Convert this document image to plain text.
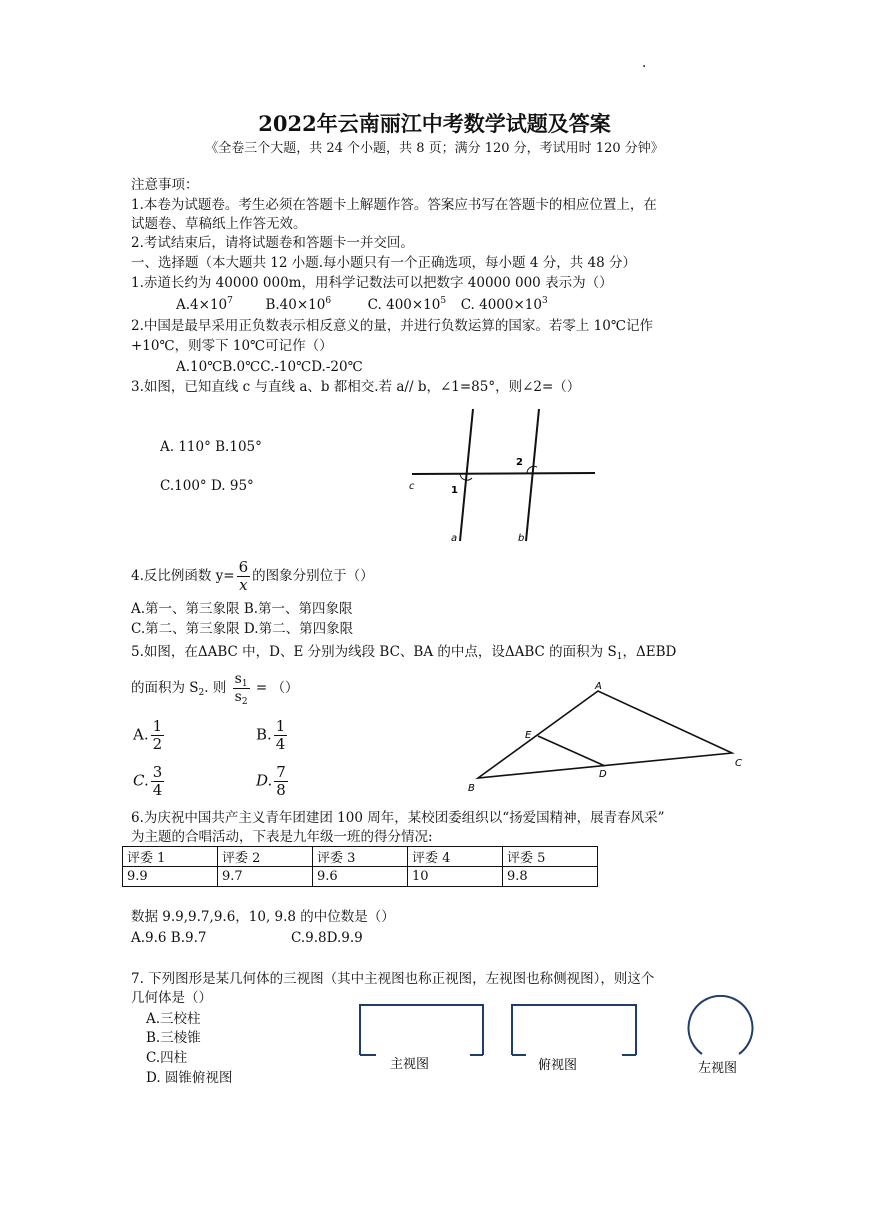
.
2022年云南丽江中考数学试题及答案
《全卷三个大题，共 24 个小题，共 8 页；满分 120 分，考试用时 120 分钟》
注意事项：
1.本卷为试题卷。考生必须在答题卡上解题作答。答案应书写在答题卡的相应位置上，在
试题卷、草稿纸上作答无效。
2.考试结束后，请将试题卷和答题卡一并交回。
一、选择题（本大题共 12 小题.每小题只有一个正确选项，每小题 4 分，共 48 分）
1.赤道长约为 40000 000m，用科学记数法可以把数字 40000 000 表示为（）
$A.4\times 10^7$ $B.40\times 10^6$	C. $400\times 10^5$ C. $4000\times 10^3$
2.中国是最早采用正负数表示相反意义的量，并进行负数运算的国家。若零上 10℃记作
+10℃，则零下 10℃可记作（）
A.10℃B.0℃C.-10℃D.-20℃
3.如图，已知直线 c 与直线 a、b 都相交.若 a// b，∠1=85°，则∠2=（）
A. 110° B.105°
C.100° D. 95°	c	1
2
a	b
4.反比例函数 $y= \frac{6}{x}$ 的图象分别位于（）
A.第一、第三象限 B.第一、第四象限
C.第二、第三象限 D.第二、第四象限
5.如图，在ΔABC 中，D、E 分别为线段 BC、BA 的中点，设ΔABC 的面积为 $S_1$，ΔEBD
的面积为 $S_2$. 则 $\frac{s_1}{s_2}$ = （）
A. $\frac{1}{2}$	B. $\frac{1}{4}$
C. $\frac{3}{4}$	D. $\frac{7}{8}$
A
B
C
D
E
6.为庆祝中国共产主义青年团建团 100 周年，某校团委组织以“扬爱国精神，展青春风采”
为主题的合唱活动，下表是九年级一班的得分情况:
评委 1	评委 2	评委 3	评委 4	评委 5
9.9	9.7	9.6	10	9.8
数据 9.9,9.7,9.6，10, 9.8 的中位数是（）
A.9.6 B.9.7	C.9.8D.9.9
7. 下列图形是某几何体的三视图（其中主视图也称正视图，左视图也称侧视图），则这个
几何体是（）
A.三校柱
B.三棱锥
C.四柱
D. 圆锥俯视图
主视图	俯视图	左视图
